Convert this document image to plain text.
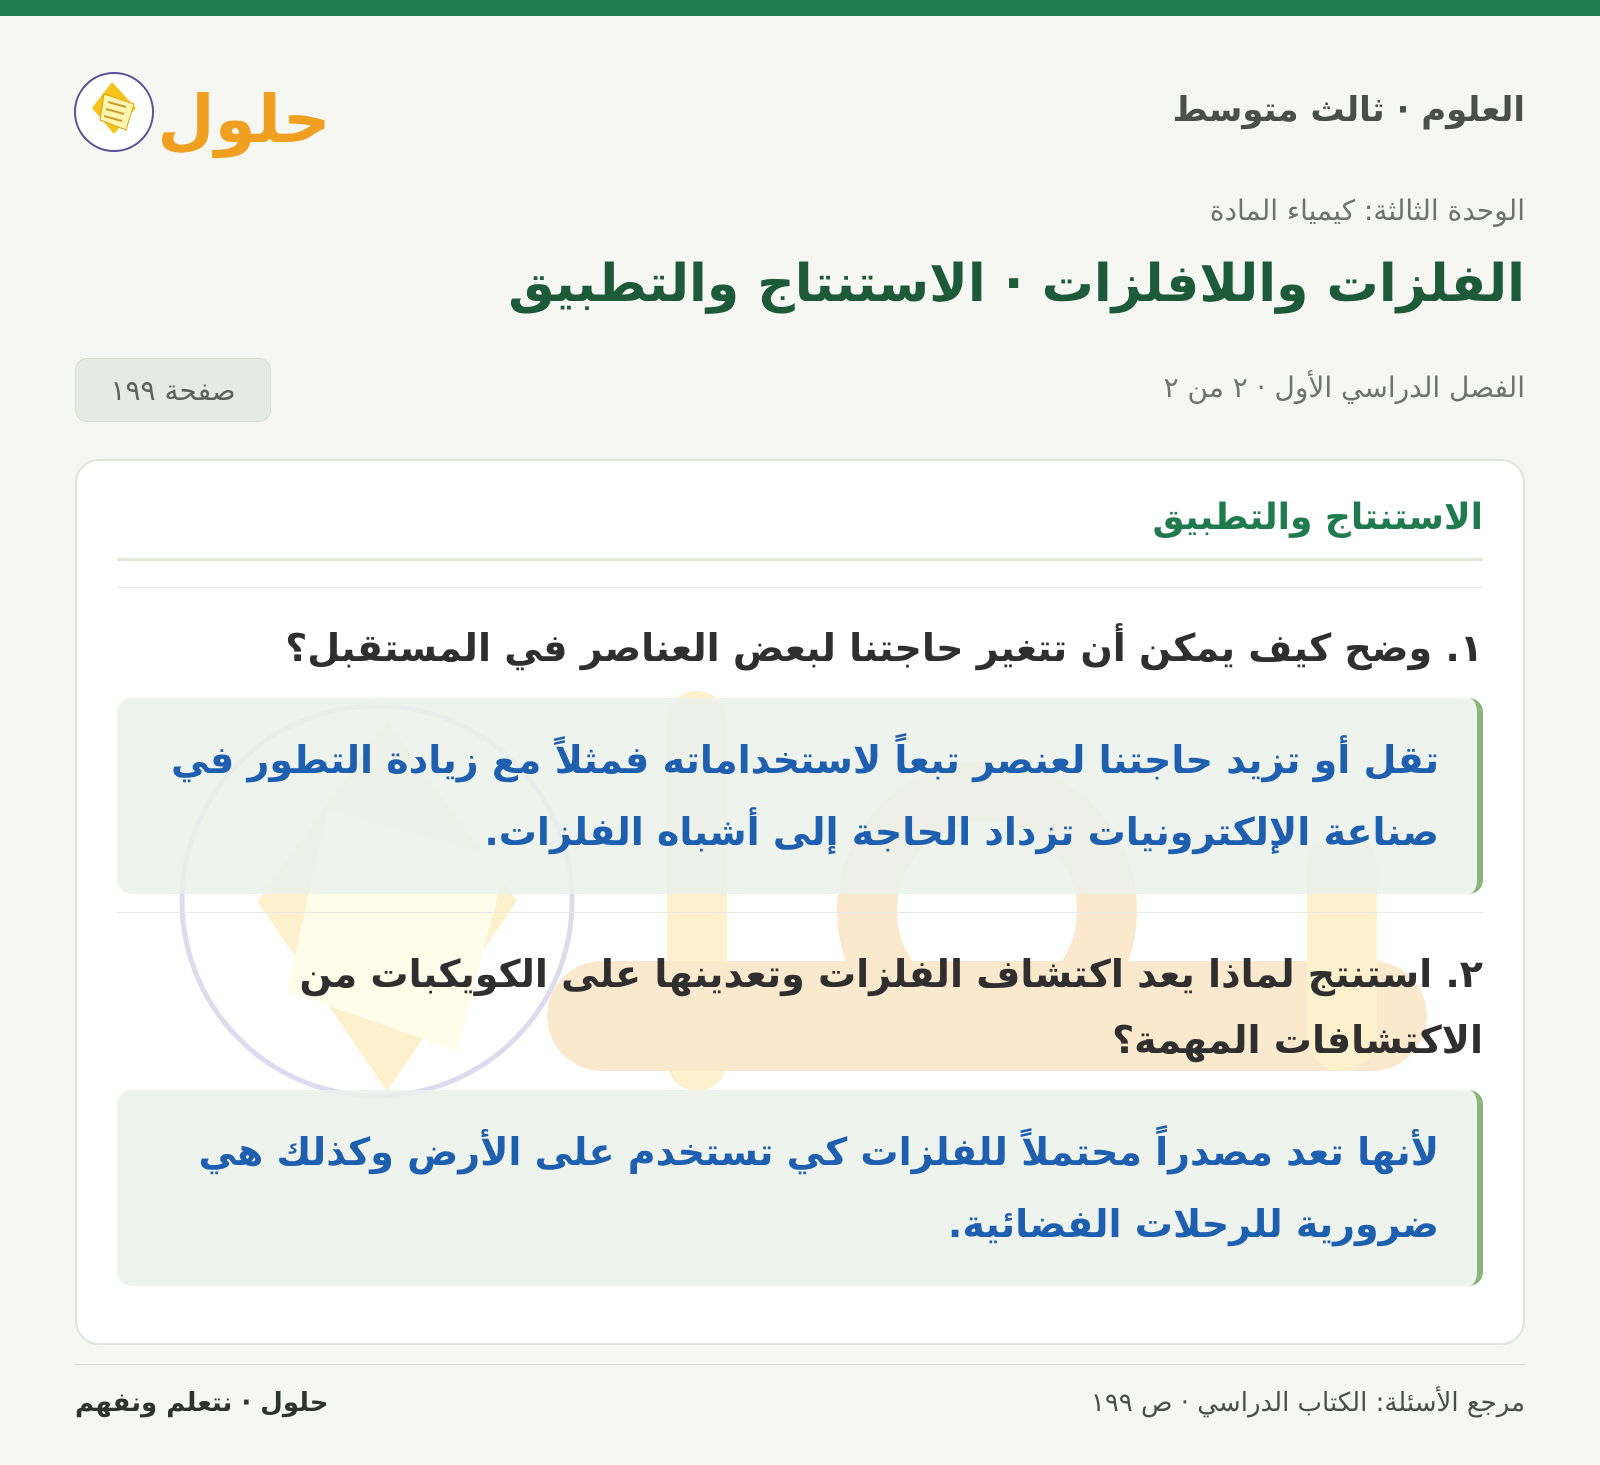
العلوم · ثالث متوسط
حلول
الوحدة الثالثة: كيمياء المادة
الفلزات واللافلزات · الاستنتاج والتطبيق
الفصل الدراسي الأول · ٢ من ٢
صفحة ١٩٩
الاستنتاج والتطبيق
١. وضح كيف يمكن أن تتغير حاجتنا لبعض العناصر في المستقبل؟
تقل أو تزيد حاجتنا لعنصر تبعاً لاستخداماته فمثلاً مع زيادة التطور في صناعة الإلكترونيات تزداد الحاجة إلى أشباه الفلزات.
٢. استنتج لماذا يعد اكتشاف الفلزات وتعدينها على الكويكبات من الاكتشافات المهمة؟
لأنها تعد مصدراً محتملاً للفلزات كي تستخدم على الأرض وكذلك هي ضرورية للرحلات الفضائية.
مرجع الأسئلة: الكتاب الدراسي · ص ١٩٩
حلول · نتعلم ونفهم
